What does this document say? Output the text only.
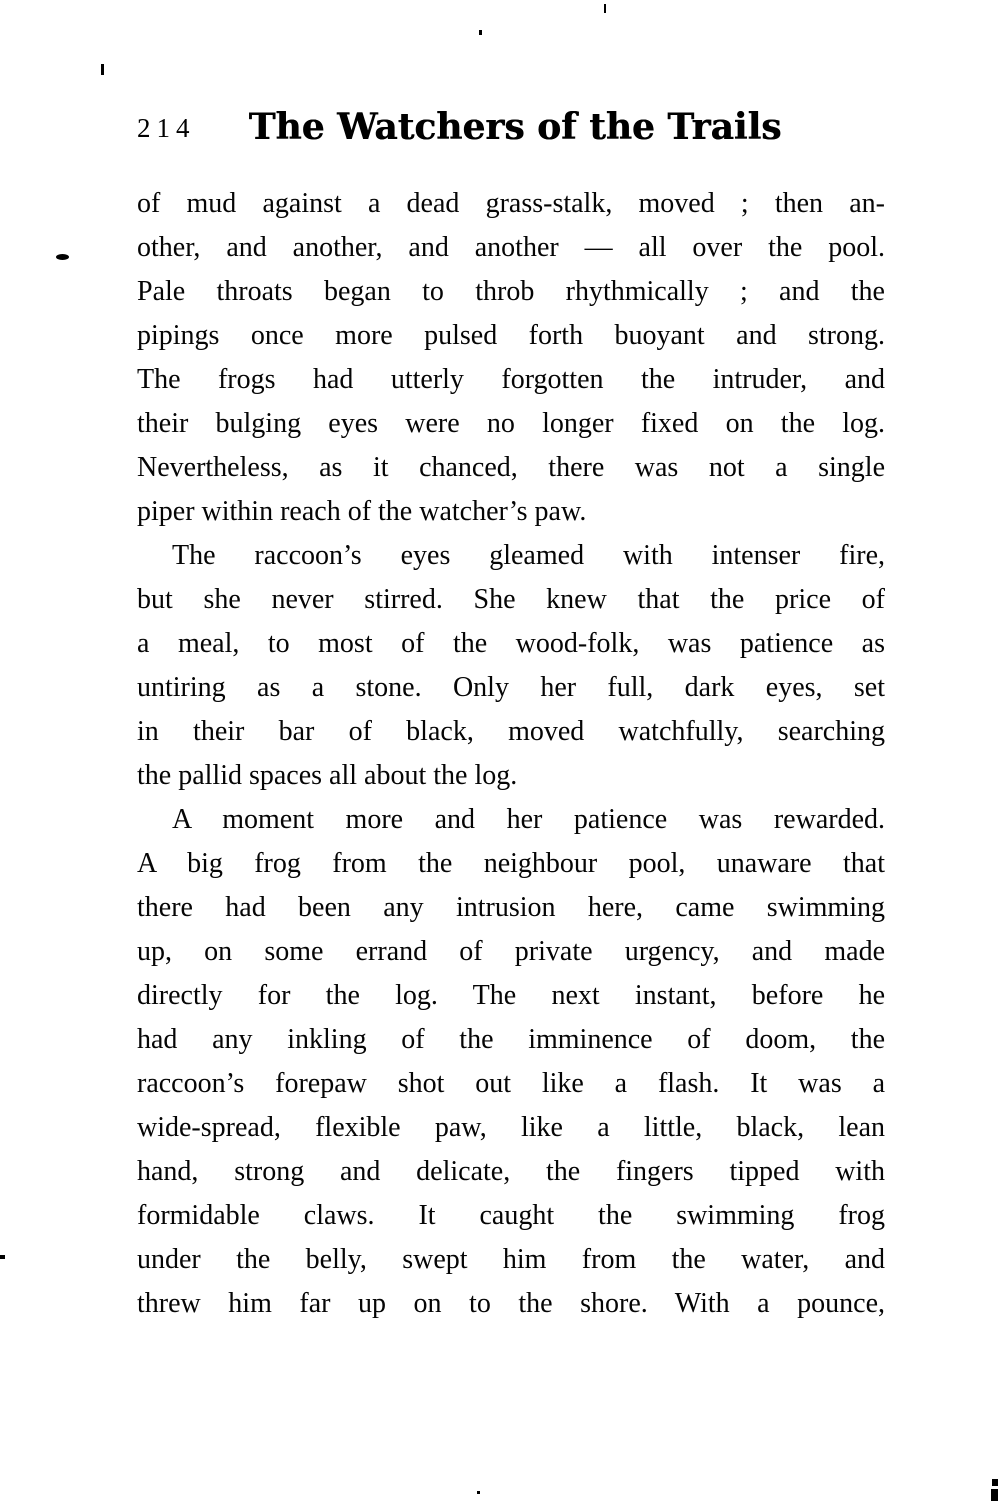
214 The Watchers of the Trails
of mud against a dead grass-stalk, moved ; then an-
other, and another, and another — all over the pool.
Pale throats began to throb rhythmically ; and the
pipings once more pulsed forth buoyant and strong.
The frogs had utterly forgotten the intruder, and
their bulging eyes were no longer fixed on the log.
Nevertheless, as it chanced, there was not a single
piper within reach of the watcher’s paw.
The raccoon’s eyes gleamed with intenser fire,
but she never stirred. She knew that the price of
a meal, to most of the wood-folk, was patience as
untiring as a stone. Only her full, dark eyes, set
in their bar of black, moved watchfully, searching
the pallid spaces all about the log.
A moment more and her patience was rewarded.
A big frog from the neighbour pool, unaware that
there had been any intrusion here, came swimming
up, on some errand of private urgency, and made
directly for the log. The next instant, before he
had any inkling of the imminence of doom, the
raccoon’s forepaw shot out like a flash. It was a
wide-spread, flexible paw, like a little, black, lean
hand, strong and delicate, the fingers tipped with
formidable claws. It caught the swimming frog
under the belly, swept him from the water, and
threw him far up on to the shore. With a pounce,
